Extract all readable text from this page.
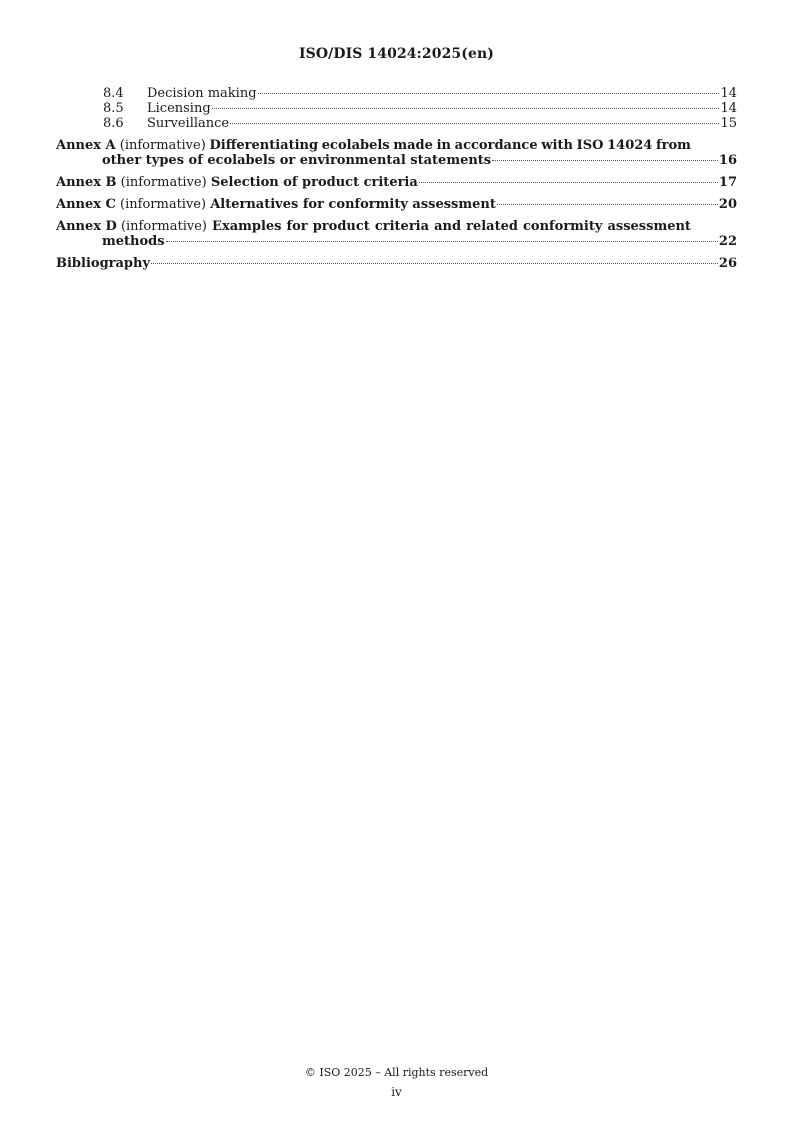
ISO/DIS 14024:2025(en)
8.4	Decision making	14
8.5	Licensing	14
8.6	Surveillance	15
Annex A (informative) Differentiating ecolabels made in accordance with ISO 14024 from
other types of ecolabels or environmental statements	16
Annex B
(informative)
Selection of product criteria	17
Annex C
(informative)
Alternatives for conformity assessment	20
Annex D (informative) Examples for product criteria and related conformity assessment
methods	22
Bibliography	26
© ISO 2025 – All rights reserved
iv
